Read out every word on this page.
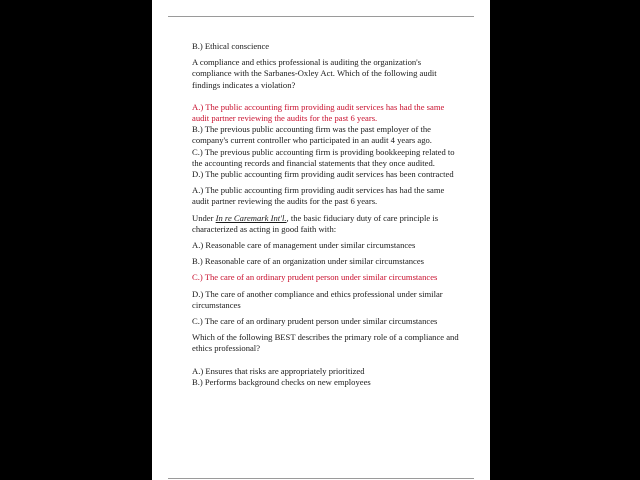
B.) Ethical conscience

A compliance and ethics professional is auditing the organization's compliance with the Sarbanes-Oxley Act. Which of the following audit findings indicates a violation?

A.) The public accounting firm providing audit services has had the same audit partner reviewing the audits for the past 6 years.

B.) The previous public accounting firm was the past employer of the company's current controller who participated in an audit 4 years ago.

C.) The previous public accounting firm is providing bookkeeping related to the accounting records and financial statements that they once audited.

D.) The public accounting firm providing audit services has been contracted

A.) The public accounting firm providing audit services has had the same audit partner reviewing the audits for the past 6 years.

Under In re Caremark Int'l., the basic fiduciary duty of care principle is characterized as acting in good faith with:

A.) Reasonable care of management under similar circumstances

B.) Reasonable care of an organization under similar circumstances

C.) The care of an ordinary prudent person under similar circumstances

D.) The care of another compliance and ethics professional under similar circumstances

C.) The care of an ordinary prudent person under similar circumstances

Which of the following BEST describes the primary role of a compliance and ethics professional?

A.) Ensures that risks are appropriately prioritized

B.) Performs background checks on new employees
